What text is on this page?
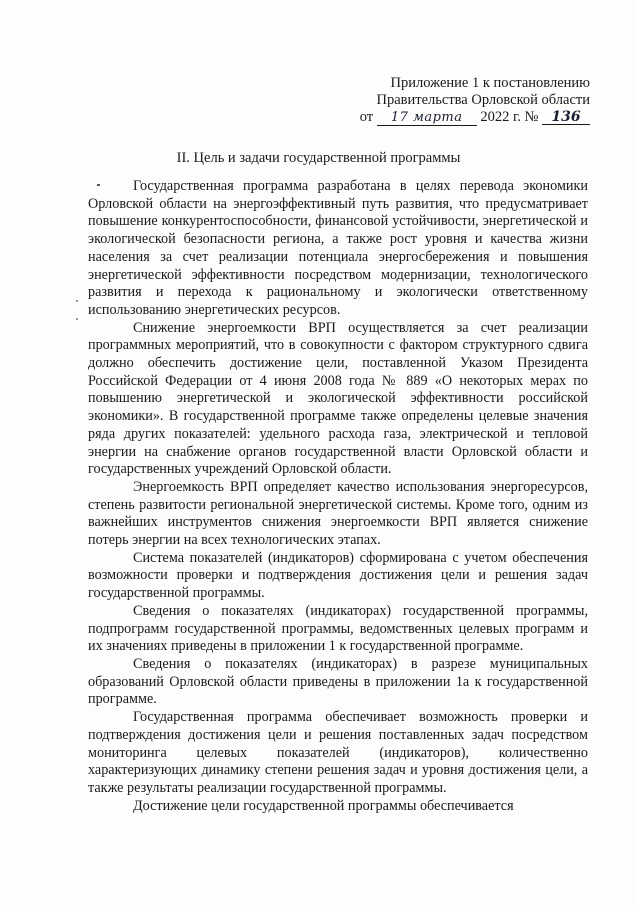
Приложение 1 к постановлению
Правительства Орловской области
от 17 марта 2022 г. № 136
II. Цель и задачи государственной программы

Государственная программа разработана в целях перевода экономики Орловской области на энергоэффективный путь развития, что предусматривает повышение конкурентоспособности, финансовой устойчивости, энергетической и экологической безопасности региона, а также рост уровня и качества жизни населения за счет реализации потенциала энергосбережения и повышения энергетической эффективности посредством модернизации, технологического развития и перехода к рациональному и экологически ответственному использованию энергетических ресурсов.

Снижение энергоемкости ВРП осуществляется за счет реализации программных мероприятий, что в совокупности с фактором структурного сдвига должно обеспечить достижение цели, поставленной Указом Президента Российской Федерации от 4 июня 2008 года № 889 «О некоторых мерах по повышению энергетической и экологической эффективности российской экономики». В государственной программе также определены целевые значения ряда других показателей: удельного расхода газа, электрической и тепловой энергии на снабжение органов государственной власти Орловской области и государственных учреждений Орловской области.

Энергоемкость ВРП определяет качество использования энергоресурсов, степень развитости региональной энергетической системы. Кроме того, одним из важнейших инструментов снижения энергоемкости ВРП является снижение потерь энергии на всех технологических этапах.

Система показателей (индикаторов) сформирована с учетом обеспечения возможности проверки и подтверждения достижения цели и решения задач государственной программы.

Сведения о показателях (индикаторах) государственной программы, подпрограмм государственной программы, ведомственных целевых программ и их значениях приведены в приложении 1 к государственной программе.

Сведения о показателях (индикаторах) в разрезе муниципальных образований Орловской области приведены в приложении 1а к государственной программе.

Государственная программа обеспечивает возможность проверки и подтверждения достижения цели и решения поставленных задач посредством мониторинга целевых показателей (индикаторов), количественно характеризующих динамику степени решения задач и уровня достижения цели, а также результаты реализации государственной программы.

Достижение цели государственной программы обеспечивается
